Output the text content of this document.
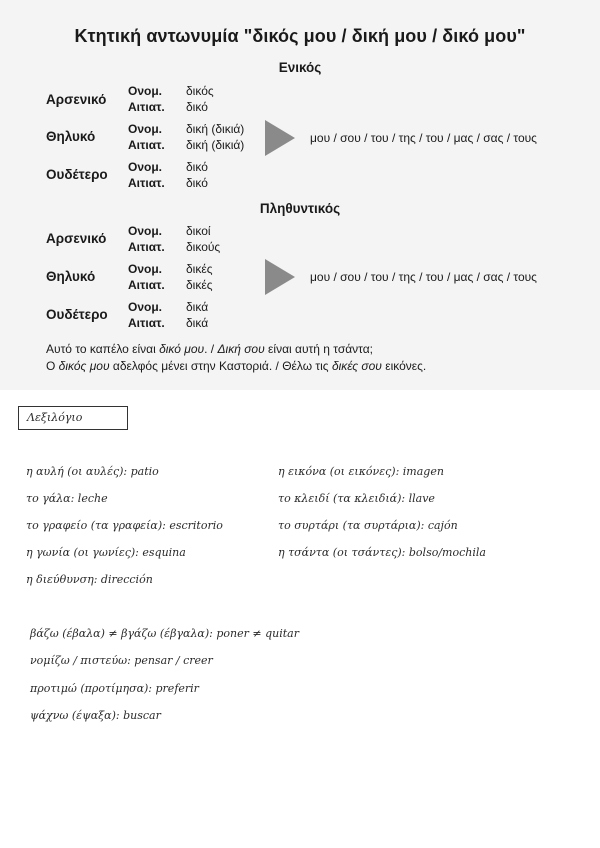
Κτητική αντωνυμία "δικός μου / δική μου / δικό μου"
Ενικός
Αρσενικό
Ονομ.
Αιτιατ.
δικός
δικό
Θηλυκό	Ονομ.
Αιτιατ.
δική (δικιά)
δική (δικιά)
Ουδέτερο Ονομ.
Αιτιατ.
δικό
δικό
μου / σου / του / της / του / μας / σας / τους
Πληθυντικός
Αρσενικό Ονομ.
Αιτιατ.
δικοί
δικούς
Θηλυκό	Ονομ.
Αιτιατ.
δικές
δικές
Ουδέτερο Ονομ.
Αιτιατ.
δικά
δικά
μου / σου / του / της / του / μας / σας / τους
Αυτό το καπέλο είναι δικό μου. / Δική σου είναι αυτή η τσάντα;
Ο δικός μου αδελφός μένει στην Καστοριά. / Θέλω τις δικές σου εικόνες.
Λεξιλόγιο
η αυλή (οι αυλές): patio
το γάλα: leche
το γραφείο (τα γραφεία): escritorio
η γωνία (οι γωνίες): esquina
η διεύθυνση: dirección
η εικόνα (οι εικόνες): imagen
το κλειδί (τα κλειδιά): llave
το συρτάρι (τα συρτάρια): cajón
η τσάντα (οι τσάντες): bolso/mochila
βάζω (έβαλα) ≠ βγάζω (έβγαλα): poner ≠ quitar
νομίζω / πιστεύω: pensar / creer
προτιμώ (προτίμησα): preferir
ψάχνω (έψαξα): buscar
